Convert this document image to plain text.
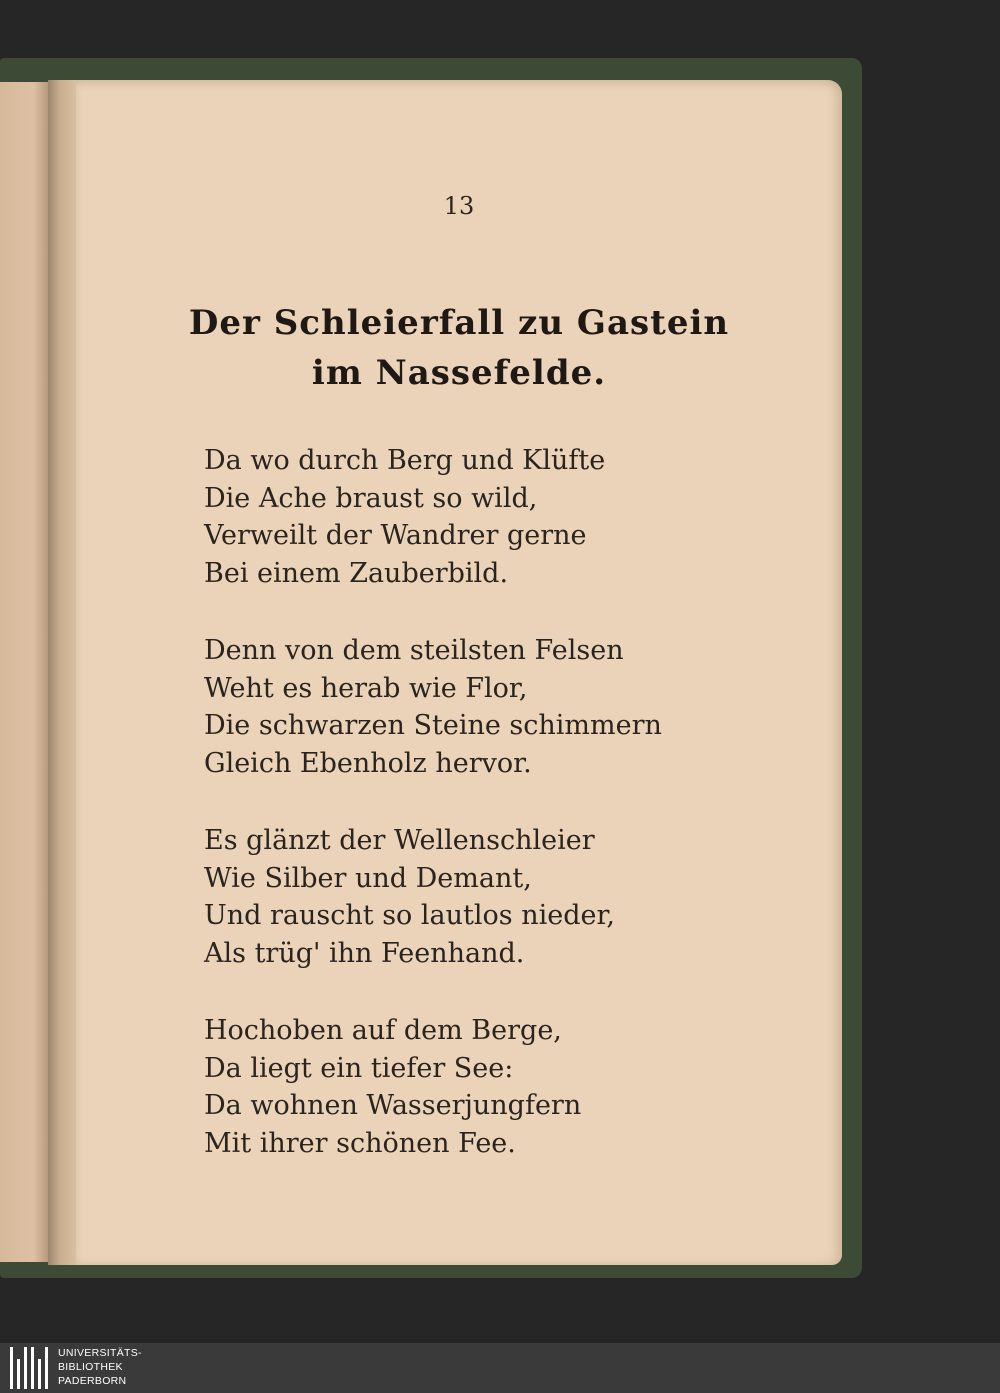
13
Der Schleierfall zu Gastein
im Nassefelde.
Da wo durch Berg und Klüfte
Die Ache braust so wild,
Verweilt der Wandrer gerne
Bei einem Zauberbild.
Denn von dem steilsten Felsen
Weht es herab wie Flor,
Die schwarzen Steine schimmern
Gleich Ebenholz hervor.
Es glänzt der Wellenschleier
Wie Silber und Demant,
Und rauscht so lautlos nieder,
Als trüg' ihn Feenhand.
Hochoben auf dem Berge,
Da liegt ein tiefer See:
Da wohnen Wasserjungfern
Mit ihrer schönen Fee.
UNIVERSITÄTS-
BIBLIOTHEK
PADERBORN
